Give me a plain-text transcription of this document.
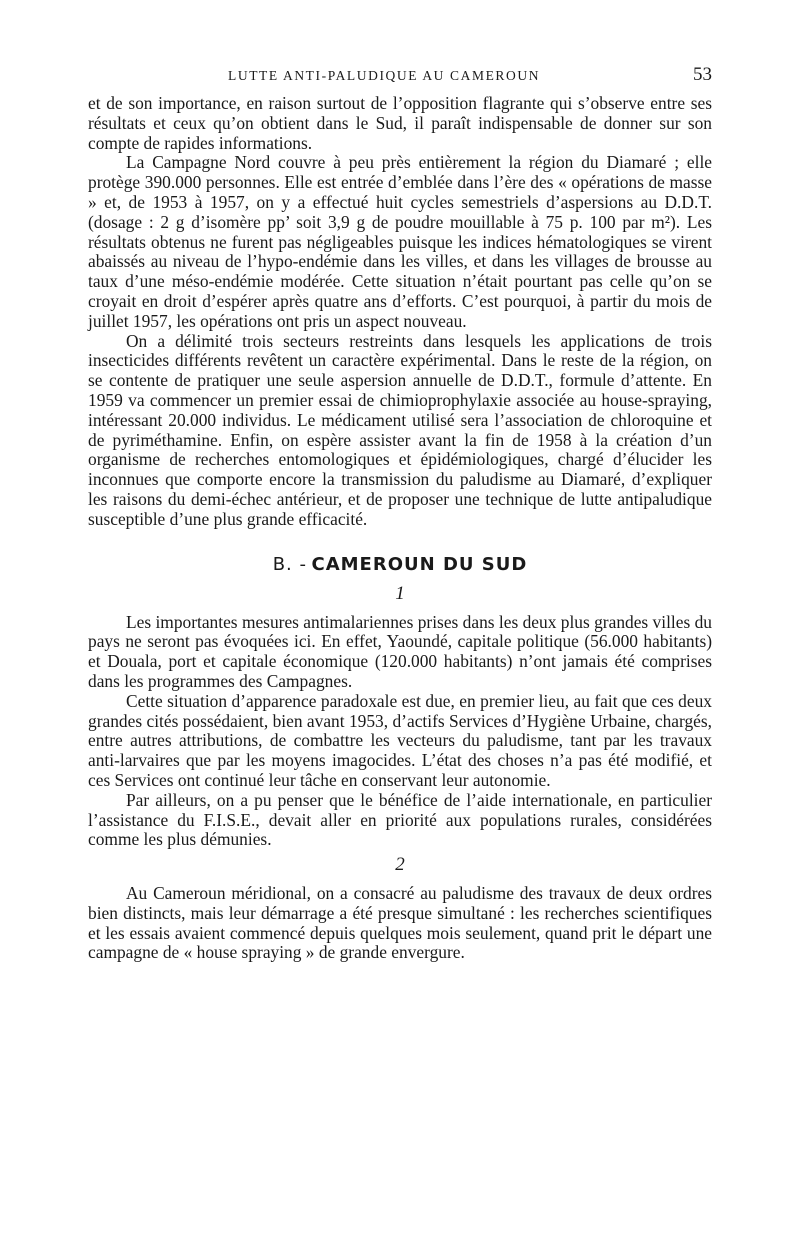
LUTTE ANTI-PALUDIQUE AU CAMEROUN	53

et de son importance, en raison surtout de l’opposition flagrante qui s’observe entre ses résultats et ceux qu’on obtient dans le Sud, il paraît indispensable de donner sur son compte de rapides informations.

La Campagne Nord couvre à peu près entièrement la région du Diamaré ; elle protège 390.000 personnes. Elle est entrée d’emblée dans l’ère des « opérations de masse » et, de 1953 à 1957, on y a effectué huit cycles semestriels d’aspersions au D.D.T. (dosage : 2 g d’isomère pp’ soit 3,9 g de poudre mouillable à 75 p. 100 par m²). Les résultats obtenus ne furent pas négligeables puisque les indices hématologiques se virent abaissés au niveau de l’hypo-endémie dans les villes, et dans les villages de brousse au taux d’une méso-endémie modérée. Cette situation n’était pourtant pas celle qu’on se croyait en droit d’espérer après quatre ans d’efforts. C’est pourquoi, à partir du mois de juillet 1957, les opérations ont pris un aspect nouveau.

On a délimité trois secteurs restreints dans lesquels les applications de trois insecticides différents revêtent un caractère expérimental. Dans le reste de la région, on se contente de pratiquer une seule aspersion annuelle de D.D.T., formule d’attente. En 1959 va commencer un premier essai de chimioprophylaxie associée au house-spraying, intéressant 20.000 individus. Le médicament utilisé sera l’association de chloroquine et de pyriméthamine. Enfin, on espère assister avant la fin de 1958 à la création d’un organisme de recherches entomologiques et épidémiologiques, chargé d’élucider les inconnues que comporte encore la transmission du paludisme au Diamaré, d’expliquer les raisons du demi-échec antérieur, et de proposer une technique de lutte antipaludique susceptible d’une plus grande efficacité.

B. - CAMEROUN DU SUD
1

Les importantes mesures antimalariennes prises dans les deux plus grandes villes du pays ne seront pas évoquées ici. En effet, Yaoundé, capitale politique (56.000 habitants) et Douala, port et capitale économique (120.000 habitants) n’ont jamais été comprises dans les programmes des Campagnes.

Cette situation d’apparence paradoxale est due, en premier lieu, au fait que ces deux grandes cités possédaient, bien avant 1953, d’actifs Services d’Hygiène Urbaine, chargés, entre autres attributions, de combattre les vecteurs du paludisme, tant par les travaux anti-larvaires que par les moyens imagocides. L’état des choses n’a pas été modifié, et ces Services ont continué leur tâche en conservant leur autonomie.

Par ailleurs, on a pu penser que le bénéfice de l’aide internationale, en particulier l’assistance du F.I.S.E., devait aller en priorité aux populations rurales, considérées comme les plus démunies.

2

Au Cameroun méridional, on a consacré au paludisme des travaux de deux ordres bien distincts, mais leur démarrage a été presque simultané : les recherches scientifiques et les essais avaient commencé depuis quelques mois seulement, quand prit le départ une campagne de « house spraying » de grande envergure.
